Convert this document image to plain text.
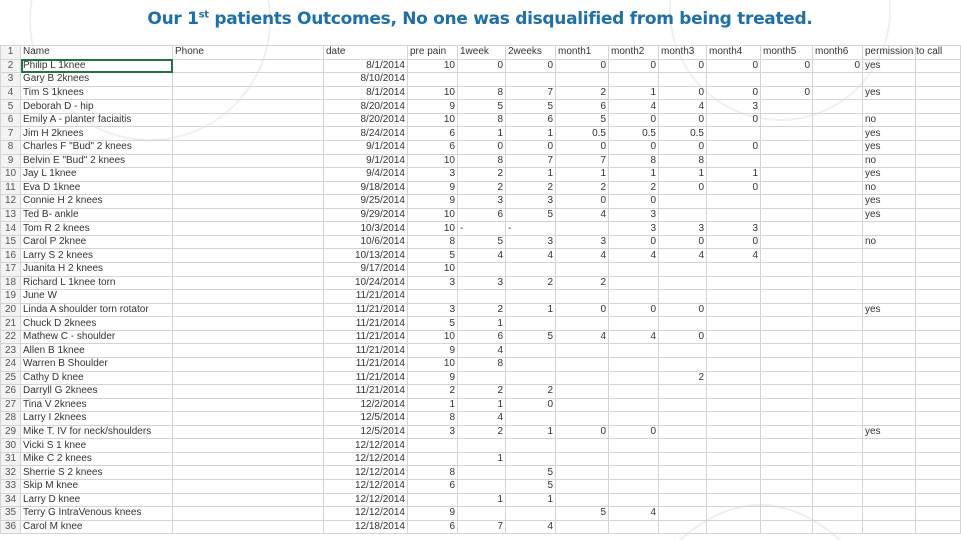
Our 1st patients Outcomes, No one was disqualified from being treated.
1	Name	Phone	date	pre pain	1week	2weeks	month1	month2	month3	month4	month5	month6	permission to call	
2	Philip L 1knee		8/1/2014	10	0	0	0	0	0	0	0	0	yes	
3	Gary B 2knees		8/10/2014											
4	Tim S 1knees		8/1/2014	10	8	7	2	1	0	0	0		yes	
5	Deborah D - hip		8/20/2014	9	5	5	6	4	4	3				
6	Emily A - planter faciaitis		8/20/2014	10	8	6	5	0	0	0			no	
7	Jim H 2knees		8/24/2014	6	1	1	0.5	0.5	0.5				yes	
8	Charles F "Bud" 2 knees		9/1/2014	6	0	0	0	0	0	0			yes	
9	Belvin E "Bud" 2 knees		9/1/2014	10	8	7	7	8	8				no	
10	Jay L 1knee		9/4/2014	3	2	1	1	1	1	1			yes	
11	Eva D 1knee		9/18/2014	9	2	2	2	2	0	0			no	
12	Connie H 2 knees		9/25/2014	9	3	3	0	0					yes	
13	Ted B- ankle		9/29/2014	10	6	5	4	3					yes	
14	Tom R 2 knees		10/3/2014	10	-	-		3	3	3				
15	Carol P 2knee		10/6/2014	8	5	3	3	0	0	0			no	
16	Larry S 2 knees		10/13/2014	5	4	4	4	4	4	4				
17	Juanita H 2 knees		9/17/2014	10										
18	Richard L 1knee torn		10/24/2014	3	3	2	2							
19	June W		11/21/2014											
20	Linda A shoulder torn rotator		11/21/2014	3	2	1	0	0	0				yes	
21	Chuck D 2knees		11/21/2014	5	1									
22	Mathew C - shoulder		11/21/2014	10	6	5	4	4	0					
23	Allen B 1knee		11/21/2014	9	4									
24	Warren B Shoulder		11/21/2014	10	8									
25	Cathy D knee		11/21/2014	9					2					
26	Darryll G 2knees		11/21/2014	2	2	2								
27	Tina V 2knees		12/2/2014	1	1	0								
28	Larry I 2knees		12/5/2014	8	4									
29	Mike T. IV for neck/shoulders		12/5/2014	3	2	1	0	0					yes	
30	Vicki S 1 knee		12/12/2014											
31	Mike C 2 knees		12/12/2014		1									
32	Sherrie S 2 knees		12/12/2014	8		5								
33	Skip M knee		12/12/2014	6		5								
34	Larry D knee		12/12/2014		1	1								
35	Terry G IntraVenous knees		12/12/2014	9			5	4						
36	Carol M knee		12/18/2014	6	7	4								
